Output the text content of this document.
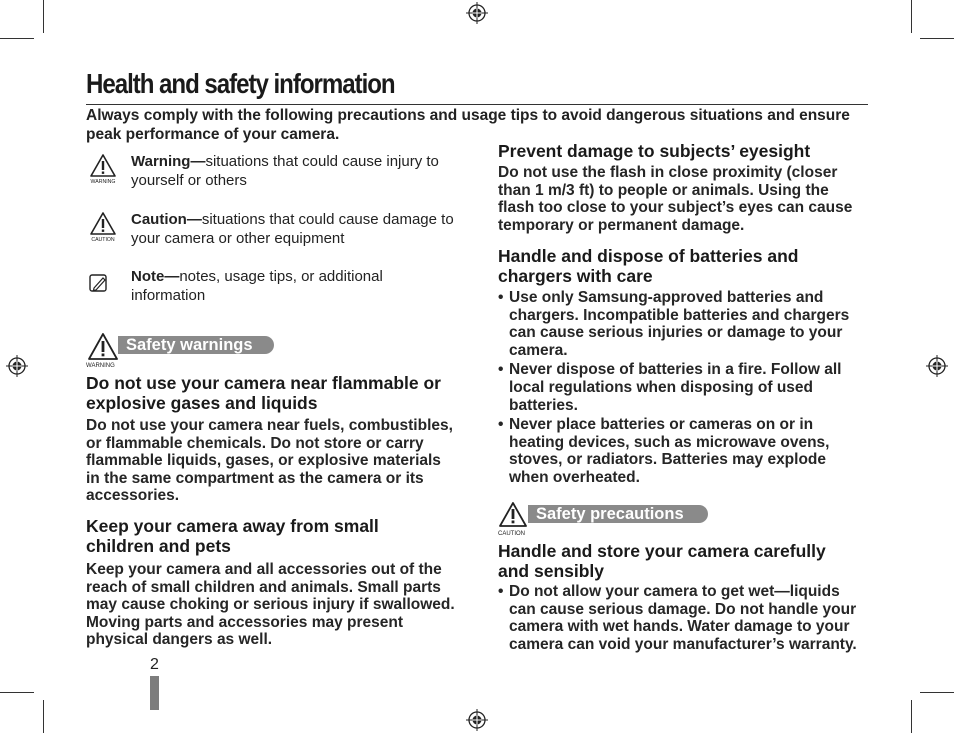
Health and safety information
Always comply with the following precautions and usage tips to avoid dangerous situations and ensure peak performance of your camera.
WARNING
Warning—situations that could cause injury to yourself or others
CAUTION
Caution—situations that could cause damage to your camera or other equipment
Note—notes, usage tips, or additional information
Safety warnings
WARNING
Do not use your camera near flammable or explosive gases and liquids
Do not use your camera near fuels, combustibles, or flammable chemicals. Do not store or carry flammable liquids, gases, or explosive materials in the same compartment as the camera or its accessories.
Keep your camera away from small children and pets
Keep your camera and all accessories out of the reach of small children and animals. Small parts may cause choking or serious injury if swallowed. Moving parts and accessories may present physical dangers as well.
Prevent damage to subjects’ eyesight
Do not use the flash in close proximity (closer than 1 m/3 ft) to people or animals. Using the flash too close to your subject’s eyes can cause temporary or permanent damage.
Handle and dispose of batteries and chargers with care
• Use only Samsung-approved batteries and chargers. Incompatible batteries and chargers can cause serious injuries or damage to your camera.
• Never dispose of batteries in a fire. Follow all local regulations when disposing of used batteries.
• Never place batteries or cameras on or in heating devices, such as microwave ovens, stoves, or radiators. Batteries may explode when overheated.
Safety precautions
CAUTION
Handle and store your camera carefully and sensibly
• Do not allow your camera to get wet—liquids can cause serious damage. Do not handle your camera with wet hands. Water damage to your camera can void your manufacturer’s warranty.
2
